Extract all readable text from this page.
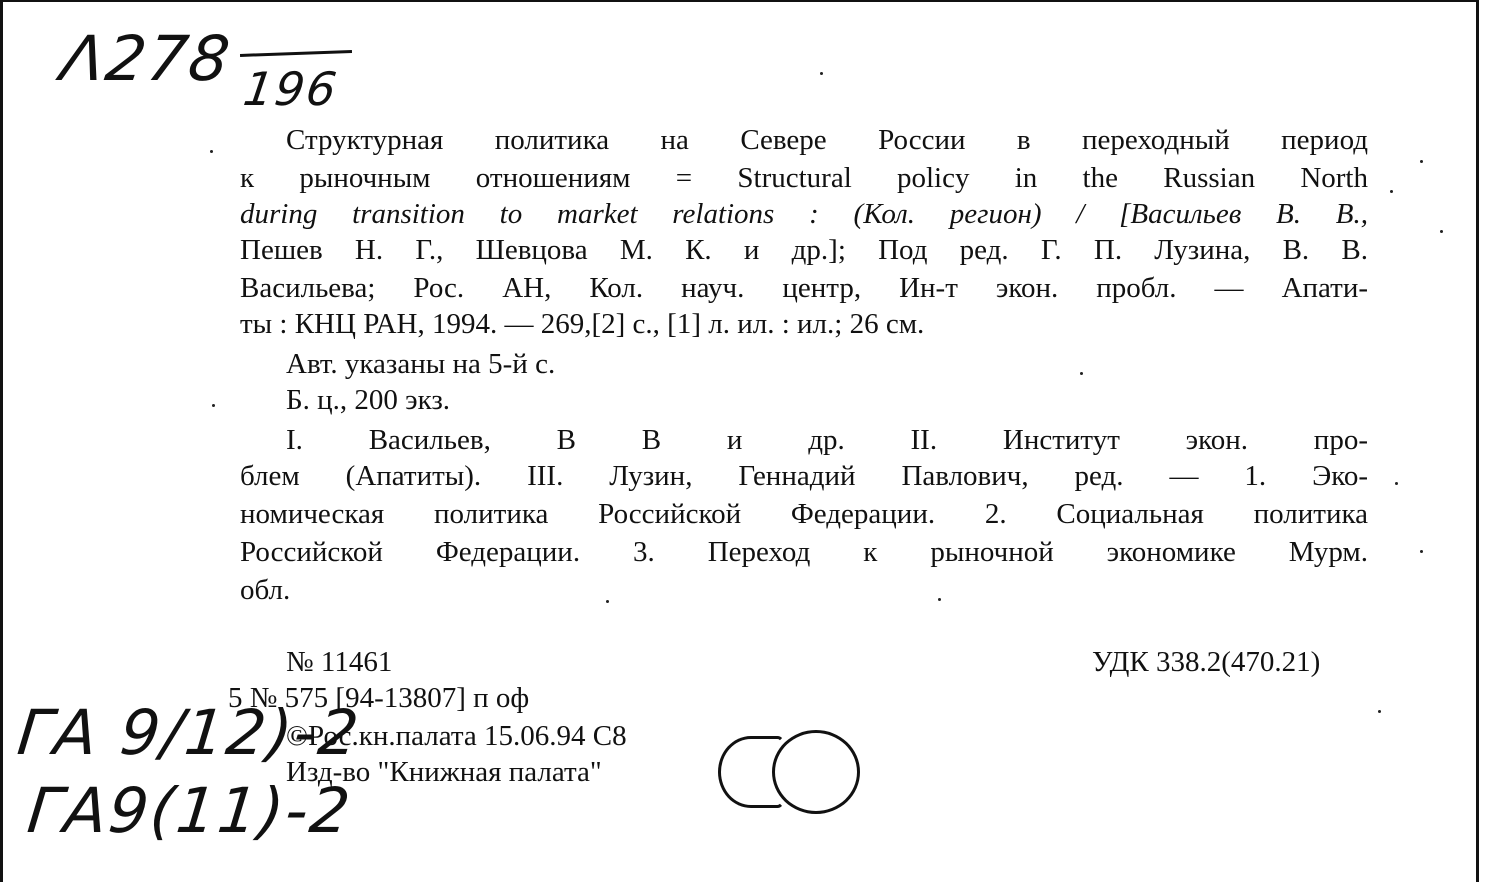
Λ278 196
Структурная политика на Севере России в переходный период
к рыночным отношениям = Structural policy in the Russian North
during transition to market relations : (Кол. регион) / [Васильев В. В.,
Пешев Н. Г., Шевцова М. К. и др.]; Под ред. Г. П. Лузина, В. В.
Васильева; Рос. АН, Кол. науч. центр, Ин-т экон. пробл. — Апати-
ты : КНЦ РАН, 1994. — 269,[2] с., [1] л. ил. : ил.; 26 см.
Авт. указаны на 5-й с.
Б. ц., 200 экз.
I. Васильев, В В и др. II. Институт экон. про-
блем (Апатиты). III. Лузин, Геннадий Павлович, ред. — 1. Эко-
номическая политика Российской Федерации. 2. Социальная политика
Российской Федерации. 3. Переход к рыночной экономике Мурм.
обл.
№ 11461	УДК 338.2(470.21)
5 № 575 [94-13807] п оф
©Рос.кн.палата 15.06.94 С8
Изд-во "Книжная палата"
ΓΑ 9/12)-2
ΓΑ9(11)-2
